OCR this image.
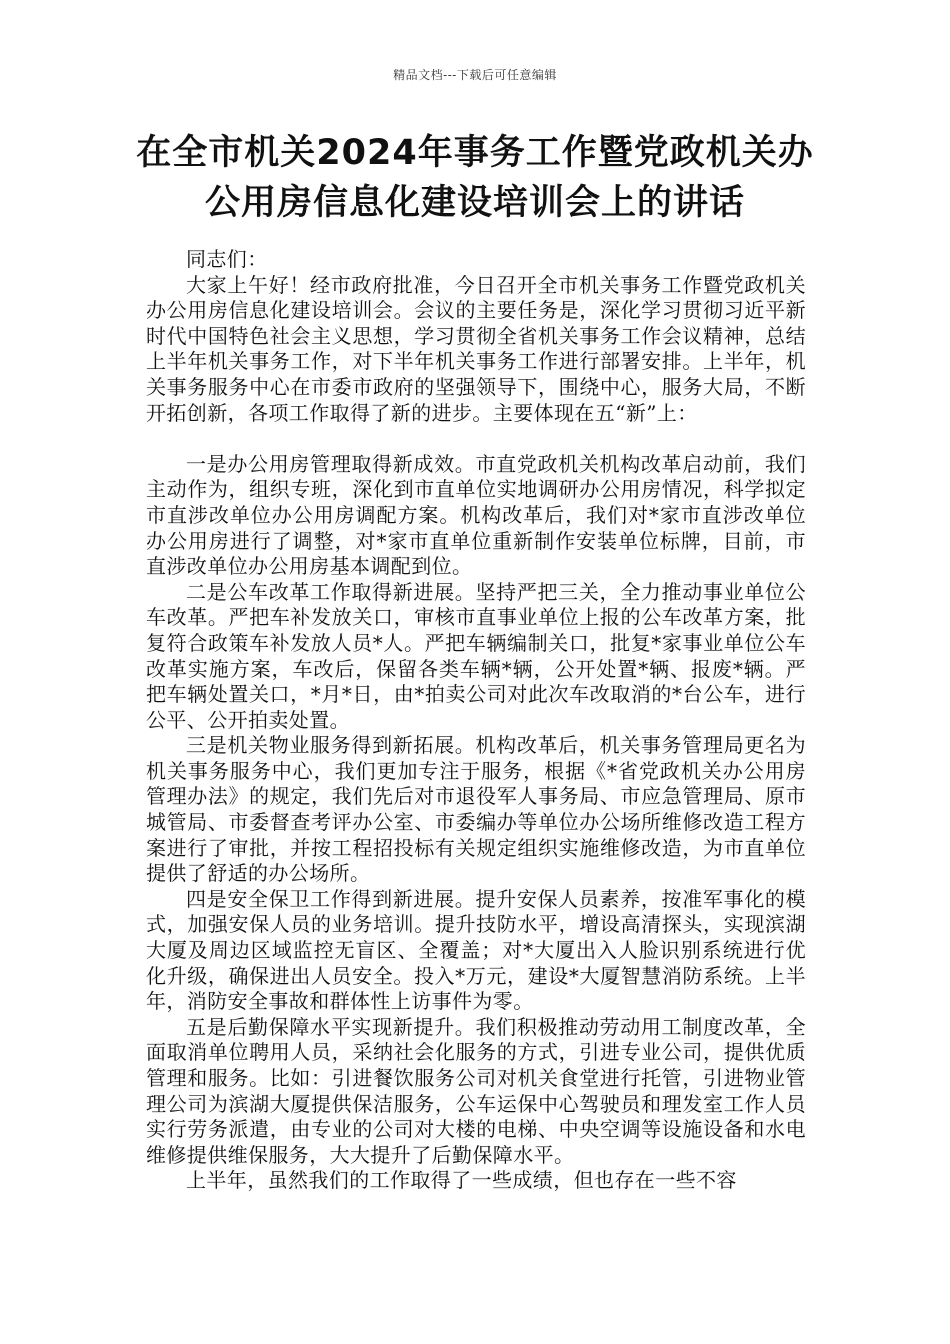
精品文档---下载后可任意编辑
在全市机关2024年事务工作暨党政机关办公用房信息化建设培训会上的讲话

同志们：

大家上午好！经市政府批准，今日召开全市机关事务工作暨党政机关办公用房信息化建设培训会。会议的主要任务是，深化学习贯彻习近平新时代中国特色社会主义思想，学习贯彻全省机关事务工作会议精神，总结上半年机关事务工作，对下半年机关事务工作进行部署安排。上半年，机关事务服务中心在市委市政府的坚强领导下，围绕中心，服务大局，不断开拓创新，各项工作取得了新的进步。主要体现在五“新”上：

一是办公用房管理取得新成效。市直党政机关机构改革启动前，我们主动作为，组织专班，深化到市直单位实地调研办公用房情况，科学拟定市直涉改单位办公用房调配方案。机构改革后，我们对*家市直涉改单位办公用房进行了调整，对*家市直单位重新制作安装单位标牌，目前，市直涉改单位办公用房基本调配到位。

二是公车改革工作取得新进展。坚持严把三关，全力推动事业单位公车改革。严把车补发放关口，审核市直事业单位上报的公车改革方案，批复符合政策车补发放人员*人。严把车辆编制关口，批复*家事业单位公车改革实施方案，车改后，保留各类车辆*辆，公开处置*辆、报废*辆。严把车辆处置关口，*月*日，由*拍卖公司对此次车改取消的*台公车，进行公平、公开拍卖处置。

三是机关物业服务得到新拓展。机构改革后，机关事务管理局更名为机关事务服务中心，我们更加专注于服务，根据《*省党政机关办公用房管理办法》的规定，我们先后对市退役军人事务局、市应急管理局、原市城管局、市委督查考评办公室、市委编办等单位办公场所维修改造工程方案进行了审批，并按工程招投标有关规定组织实施维修改造，为市直单位提供了舒适的办公场所。

四是安全保卫工作得到新进展。提升安保人员素养，按准军事化的模式，加强安保人员的业务培训。提升技防水平，增设高清探头，实现滨湖大厦及周边区域监控无盲区、全覆盖；对*大厦出入人脸识别系统进行优化升级，确保进出人员安全。投入*万元，建设*大厦智慧消防系统。上半年，消防安全事故和群体性上访事件为零。

五是后勤保障水平实现新提升。我们积极推动劳动用工制度改革，全面取消单位聘用人员，采纳社会化服务的方式，引进专业公司，提供优质管理和服务。比如：引进餐饮服务公司对机关食堂进行托管，引进物业管理公司为滨湖大厦提供保洁服务，公车运保中心驾驶员和理发室工作人员实行劳务派遣，由专业的公司对大楼的电梯、中央空调等设施设备和水电维修提供维保服务，大大提升了后勤保障水平。

上半年，虽然我们的工作取得了一些成绩，但也存在一些不容
